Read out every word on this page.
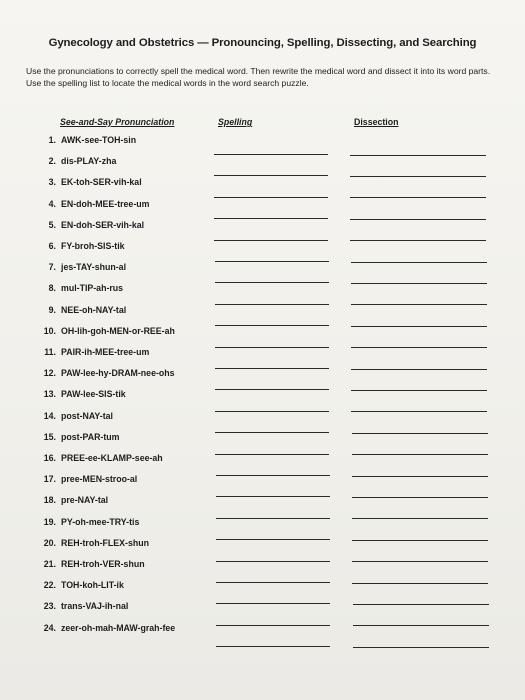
Gynecology and Obstetrics — Pronouncing, Spelling, Dissecting, and Searching
Use the pronunciations to correctly spell the medical word. Then rewrite the medical word and dissect it into its word parts. Use the spelling list to locate the medical words in the word search puzzle.
See-and-Say Pronunciation	Spelling	Dissection
1. AWK-see-TOH-sin
2. dis-PLAY-zha
3. EK-toh-SER-vih-kal
4. EN-doh-MEE-tree-um
5. EN-doh-SER-vih-kal
6. FY-broh-SIS-tik
7. jes-TAY-shun-al
8. mul-TIP-ah-rus
9. NEE-oh-NAY-tal
10. OH-lih-goh-MEN-or-REE-ah
11. PAIR-ih-MEE-tree-um
12. PAW-lee-hy-DRAM-nee-ohs
13. PAW-lee-SIS-tik
14. post-NAY-tal
15. post-PAR-tum
16. PREE-ee-KLAMP-see-ah
17. pree-MEN-stroo-al
18. pre-NAY-tal
19. PY-oh-mee-TRY-tis
20. REH-troh-FLEX-shun
21. REH-troh-VER-shun
22. TOH-koh-LIT-ik
23. trans-VAJ-ih-nal
24. zeer-oh-mah-MAW-grah-fee
